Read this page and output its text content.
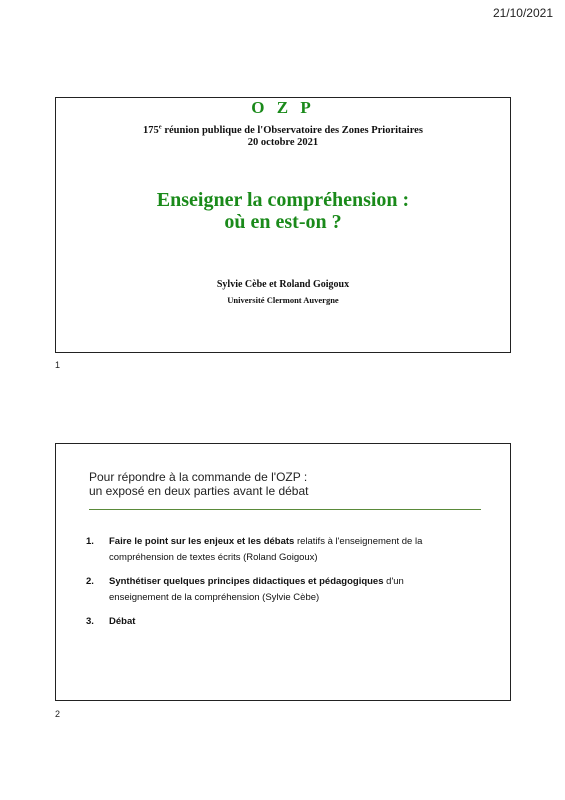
21/10/2021
O Z P
175e réunion publique de l'Observatoire des Zones Prioritaires
20 octobre 2021
Enseigner la compréhension :
où en est-on ?
Sylvie Cèbe et Roland Goigoux
Université Clermont Auvergne
1
Pour répondre à la commande de l'OZP :
un exposé en deux parties avant le débat
1. Faire le point sur les enjeux et les débats relatifs à l'enseignement de la compréhension de textes écrits (Roland Goigoux)
2. Synthétiser quelques principes didactiques et pédagogiques d'un enseignement de la compréhension (Sylvie Cèbe)
3. Débat
2
